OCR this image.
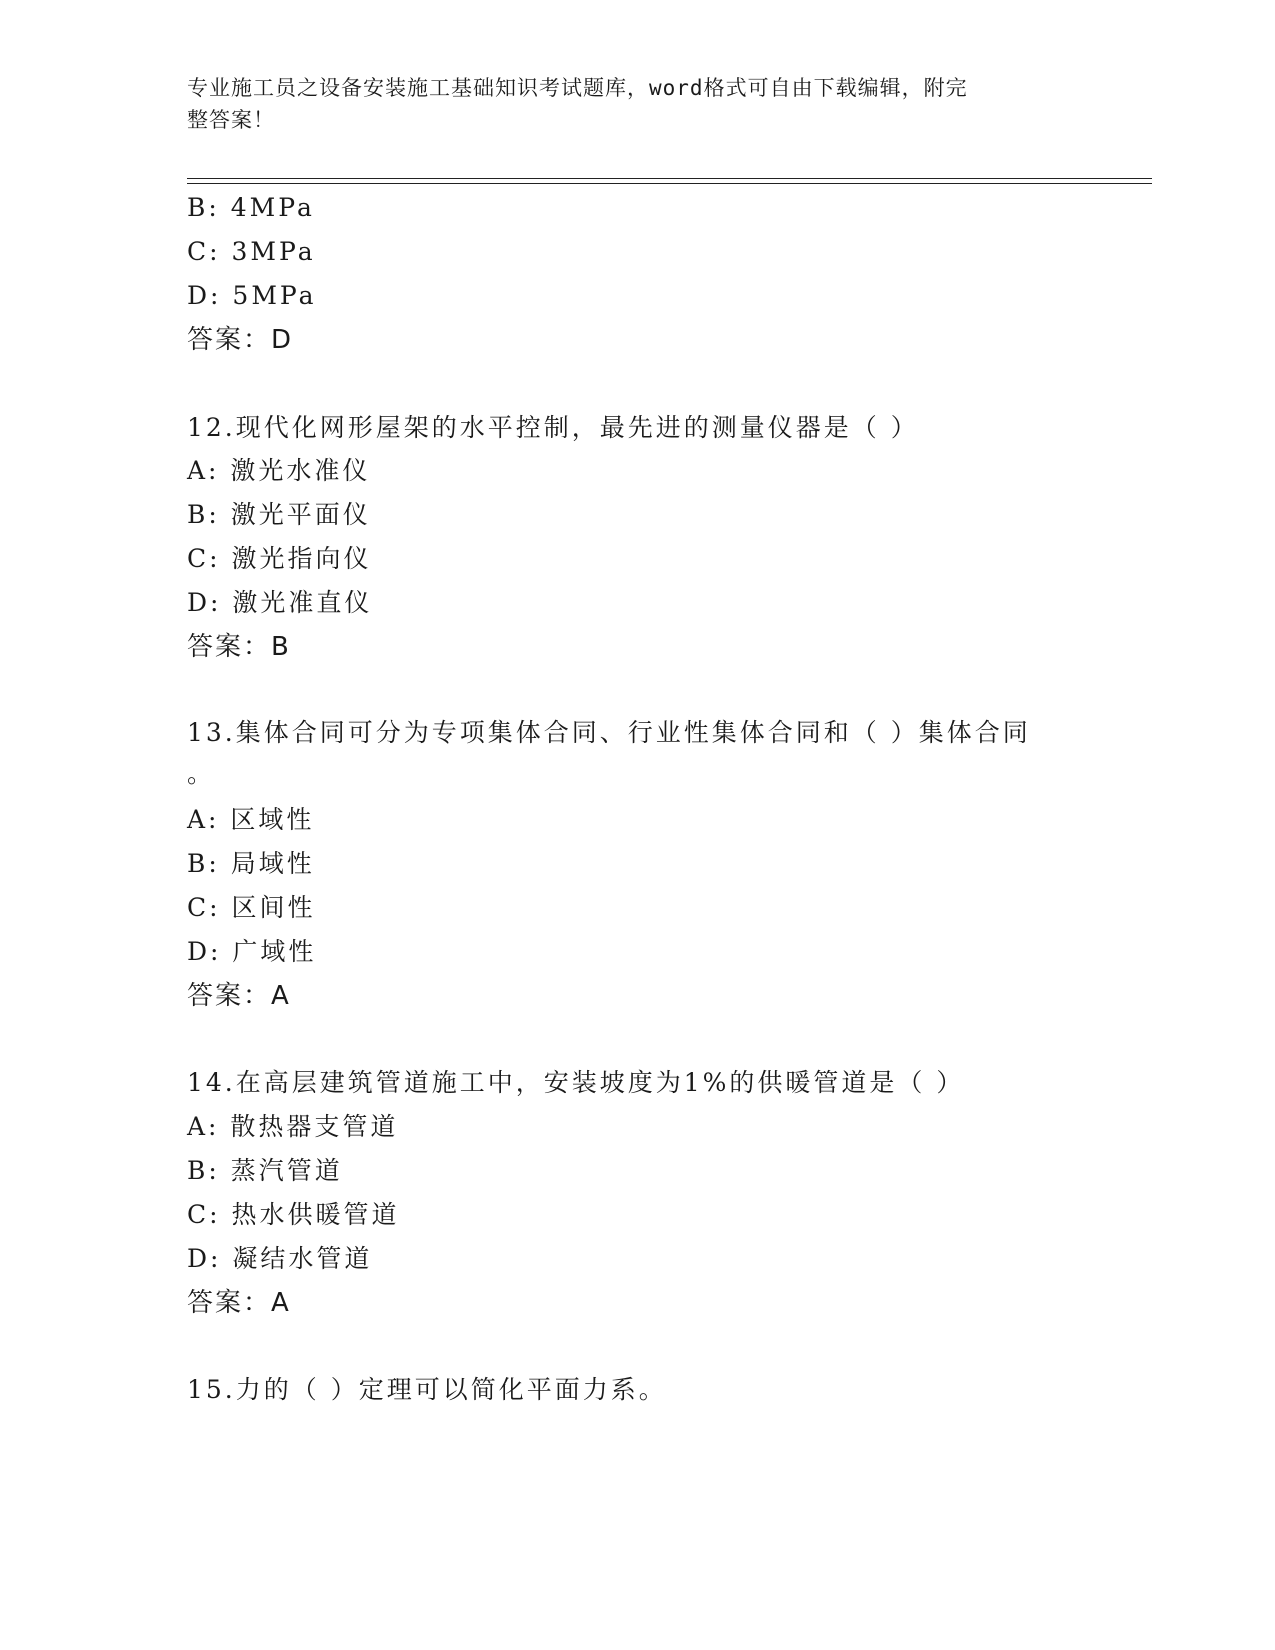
专业施工员之设备安装施工基础知识考试题库，word格式可自由下载编辑，附完
整答案！
B: 4MPa
C: 3MPa
D: 5MPa
答案：D
12.现代化网形屋架的水平控制，最先进的测量仪器是（ ）
A: 激光水准仪
B: 激光平面仪
C: 激光指向仪
D: 激光准直仪
答案：B
13.集体合同可分为专项集体合同、行业性集体合同和（ ）集体合同
。
A: 区域性
B: 局域性
C: 区间性
D: 广域性
答案：A
14.在高层建筑管道施工中，安装坡度为1%的供暖管道是（ ）
A: 散热器支管道
B: 蒸汽管道
C: 热水供暖管道
D: 凝结水管道
答案：A
15.力的（ ）定理可以简化平面力系。
